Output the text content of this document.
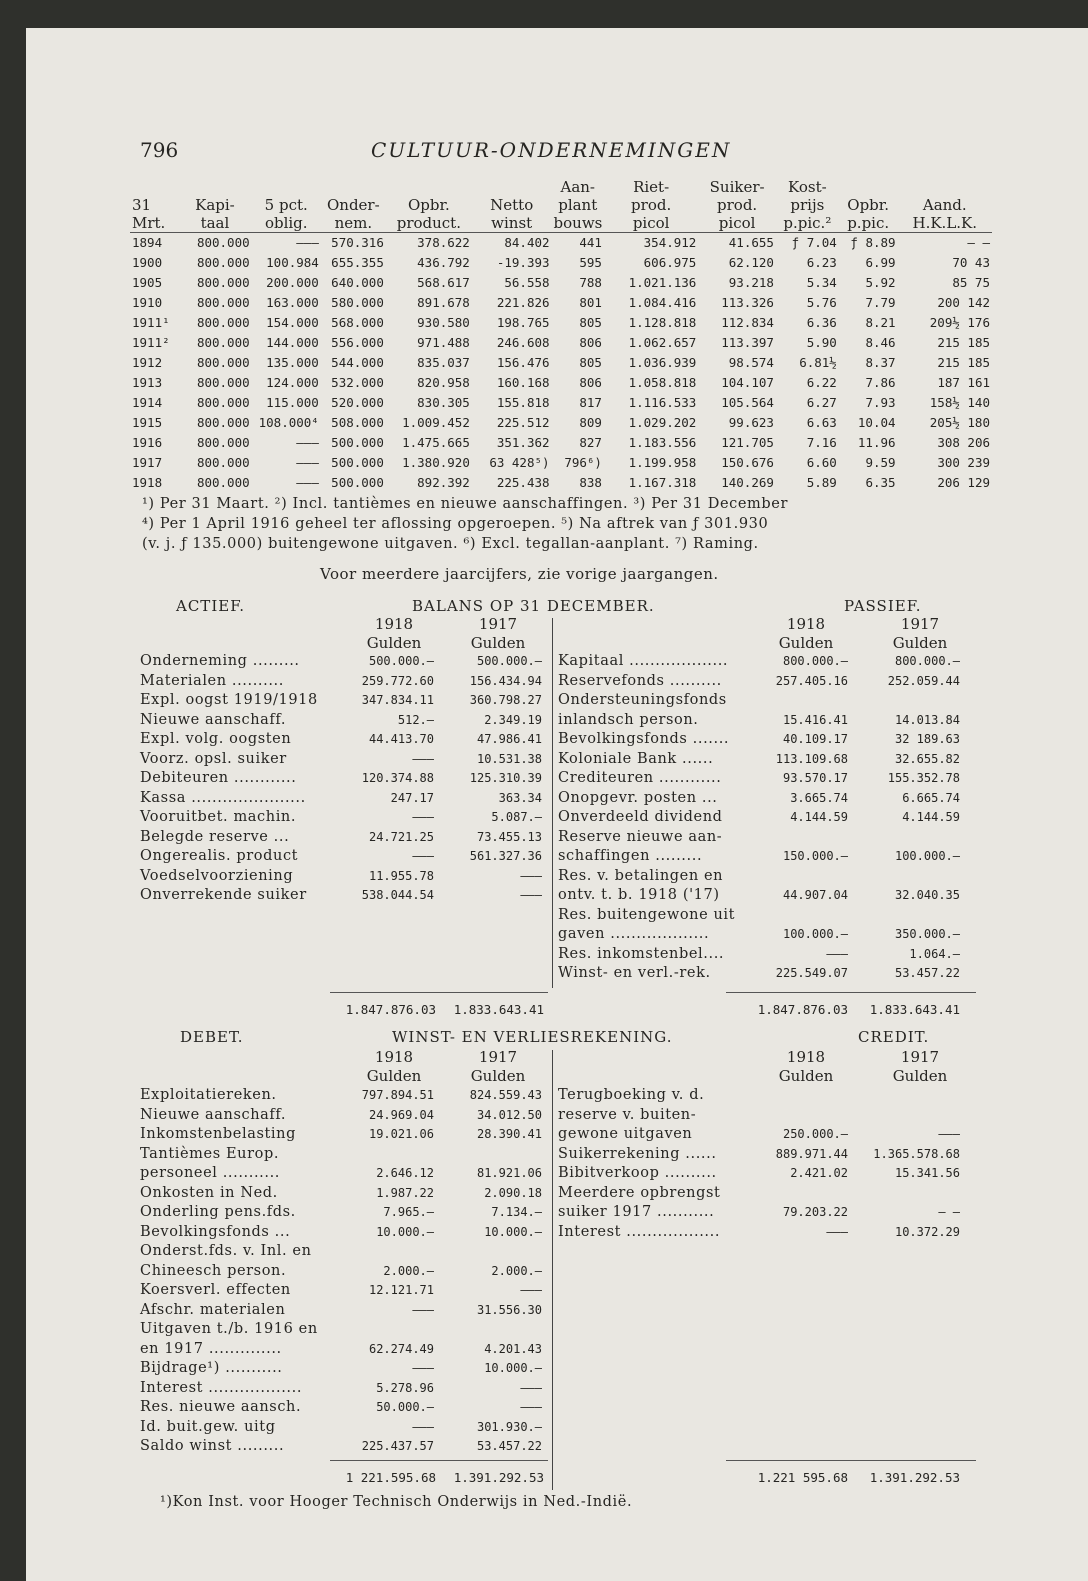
796	CULTUUR-ONDERNEMINGEN
						Aan-	Riet-	Suiker-	Kost-		
31	Kapi-	5 pct.	Onder-	Opbr.	Netto	plant	prod.	prod.	prijs	Opbr.	Aand.
Mrt.	taal	oblig.	nem.	product.	winst	bouws	picol	picol	p.pic.²	p.pic.	H.K.L.K.
1894	800.000	———	570.316	378.622	84.402	441	354.912	41.655	ƒ 7.04	ƒ 8.89	— —
1900	800.000	100.984	655.355	436.792	-19.393	595	606.975	62.120	6.23	6.99	70 43
1905	800.000	200.000	640.000	568.617	56.558	788	1.021.136	93.218	5.34	5.92	85 75
1910	800.000	163.000	580.000	891.678	221.826	801	1.084.416	113.326	5.76	7.79	200 142
1911¹	800.000	154.000	568.000	930.580	198.765	805	1.128.818	112.834	6.36	8.21	209½ 176
1911²	800.000	144.000	556.000	971.488	246.608	806	1.062.657	113.397	5.90	8.46	215 185
1912	800.000	135.000	544.000	835.037	156.476	805	1.036.939	98.574	6.81½	8.37	215 185
1913	800.000	124.000	532.000	820.958	160.168	806	1.058.818	104.107	6.22	7.86	187 161
1914	800.000	115.000	520.000	830.305	155.818	817	1.116.533	105.564	6.27	7.93	158½ 140
1915	800.000	108.000⁴	508.000	1.009.452	225.512	809	1.029.202	99.623	6.63	10.04	205½ 180
1916	800.000	———	500.000	1.475.665	351.362	827	1.183.556	121.705	7.16	11.96	308 206
1917	800.000	———	500.000	1.380.920	63 428⁵)	796⁶)	1.199.958	150.676	6.60	9.59	300 239
1918	800.000	———	500.000	892.392	225.438	838	1.167.318	140.269	5.89	6.35	206 129
¹) Per 31 Maart. ²) Incl. tantièmes en nieuwe aanschaffingen. ³) Per 31 December
⁴) Per 1 April 1916 geheel ter aflossing opgeroepen. ⁵) Na aftrek van ƒ 301.930
(v. j. ƒ 135.000) buitengewone uitgaven. ⁶) Excl. tegallan-aanplant. ⁷) Raming.
Voor meerdere jaarcijfers, zie vorige jaargangen.
ACTIEF.	BALANS OP 31 DECEMBER.	PASSIEF.
1918	1917
Gulden	Gulden
1918	1917
Gulden	Gulden
Onderneming .........	500.000.—	500.000.—
Materialen ..........	259.772.60	156.434.94
Expl. oogst 1919/1918	347.834.11	360.798.27
Nieuwe aanschaff.	512.—	2.349.19
Expl. volg. oogsten	44.413.70	47.986.41
Voorz. opsl. suiker	———	10.531.38
Debiteuren ............	120.374.88	125.310.39
Kassa ......................	247.17	363.34
Vooruitbet. machin.	———	5.087.—
Belegde reserve ...	24.721.25	73.455.13
Ongerealis. product	———	561.327.36
Voedselvoorziening	11.955.78	———
Onverrekende suiker	538.044.54	———
Kapitaal ...................	800.000.—	800.000.—
Reservefonds ..........	257.405.16	252.059.44
Ondersteuningsfonds
inlandsch person.	15.416.41	14.013.84
Bevolkingsfonds .......	40.109.17	32 189.63
Koloniale Bank ......	113.109.68	32.655.82
Crediteuren ............	93.570.17	155.352.78
Onopgevr. posten ...	3.665.74	6.665.74
Onverdeeld dividend	4.144.59	4.144.59
Reserve nieuwe aan-
schaffingen .........	150.000.—	100.000.—
Res. v. betalingen en
ontv. t. b. 1918 ('17)	44.907.04	32.040.35
Res. buitengewone uit
gaven ...................	100.000.—	350.000.—
Res. inkomstenbel....	———	1.064.—
Winst- en verl.-rek.	225.549.07	53.457.22
1.847.876.03	1.833.643.41	1.847.876.03	1.833.643.41
DEBET.	WINST- EN VERLIESREKENING.	CREDIT.
1918	1917
Gulden	Gulden
1918	1917
Gulden	Gulden
Exploitatiereken.	797.894.51	824.559.43
Nieuwe aanschaff.	24.969.04	34.012.50
Inkomstenbelasting	19.021.06	28.390.41
Tantièmes Europ.
personeel ...........	2.646.12	81.921.06
Onkosten in Ned.	1.987.22	2.090.18
Onderling pens.fds.	7.965.—	7.134.—
Bevolkingsfonds ...	10.000.—	10.000.—
Onderst.fds. v. Inl. en
Chineesch person.	2.000.—	2.000.—
Koersverl. effecten	12.121.71	———
Afschr. materialen	———	31.556.30
Uitgaven t./b. 1916 en
en 1917 ..............	62.274.49	4.201.43
Bijdrage¹) ...........	———	10.000.—
Interest ..................	5.278.96	———
Res. nieuwe aansch.	50.000.—	———
Id. buit.gew. uitg	———	301.930.—
Saldo winst .........	225.437.57	53.457.22
Terugboeking v. d.
reserve v. buiten-
gewone uitgaven	250.000.—	———
Suikerrekening ......	889.971.44	1.365.578.68
Bibitverkoop ..........	2.421.02	15.341.56
Meerdere opbrengst
suiker 1917 ...........	79.203.22	— —
Interest ..................	———	10.372.29
1 221.595.68	1.391.292.53	1.221 595.68	1.391.292.53
¹)Kon Inst. voor Hooger Technisch Onderwijs in Ned.-Indië.
